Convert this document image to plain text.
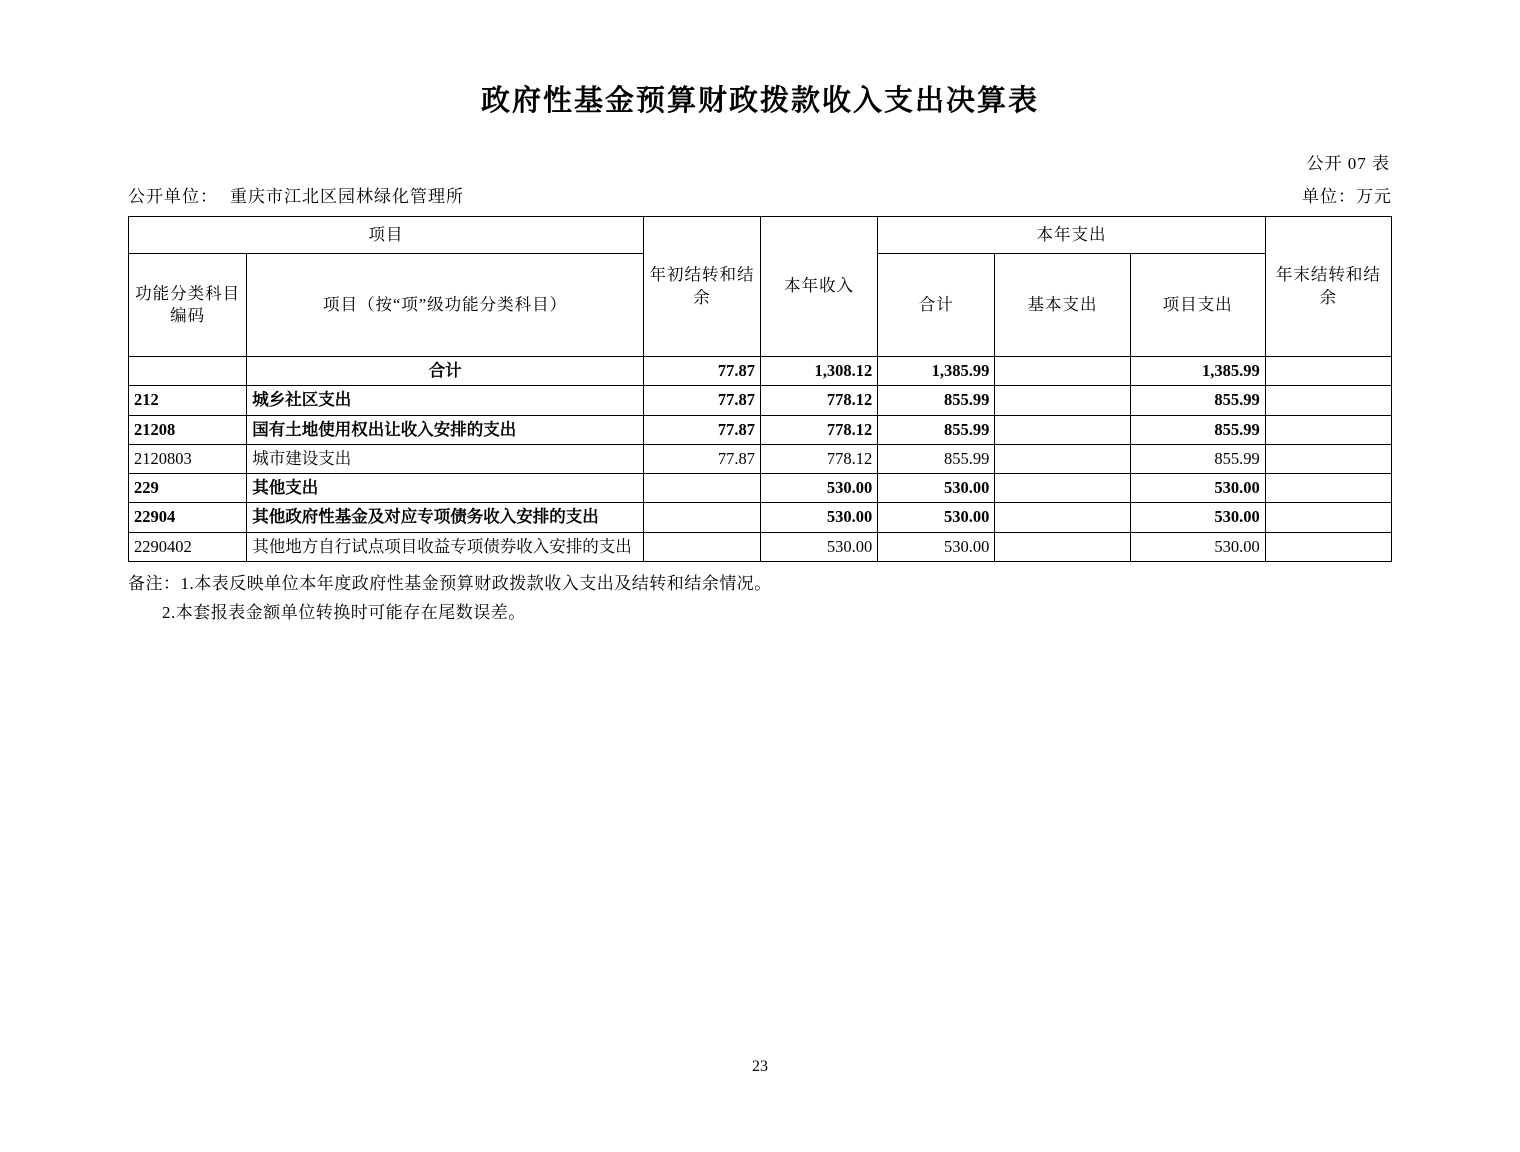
政府性基金预算财政拨款收入支出决算表
公开 07 表
公开单位： 重庆市江北区园林绿化管理所	单位：万元
项目		年初结转和结余	本年收入	本年支出			年末结转和结余
功能分类科目编码	项目（按“项”级功能分类科目）			合计	基本支出	项目支出	
	合计	77.87	1,308.12	1,385.99		1,385.99	
212	城乡社区支出	77.87	778.12	855.99		855.99	
21208	国有土地使用权出让收入安排的支出	77.87	778.12	855.99		855.99	
2120803	城市建设支出	77.87	778.12	855.99		855.99	
229	其他支出		530.00	530.00		530.00	
22904	其他政府性基金及对应专项债务收入安排的支出		530.00	530.00		530.00	
2290402	其他地方自行试点项目收益专项债券收入安排的支出		530.00	530.00		530.00	
备注：1.本表反映单位本年度政府性基金预算财政拨款收入支出及结转和结余情况。
2.本套报表金额单位转换时可能存在尾数误差。
23
